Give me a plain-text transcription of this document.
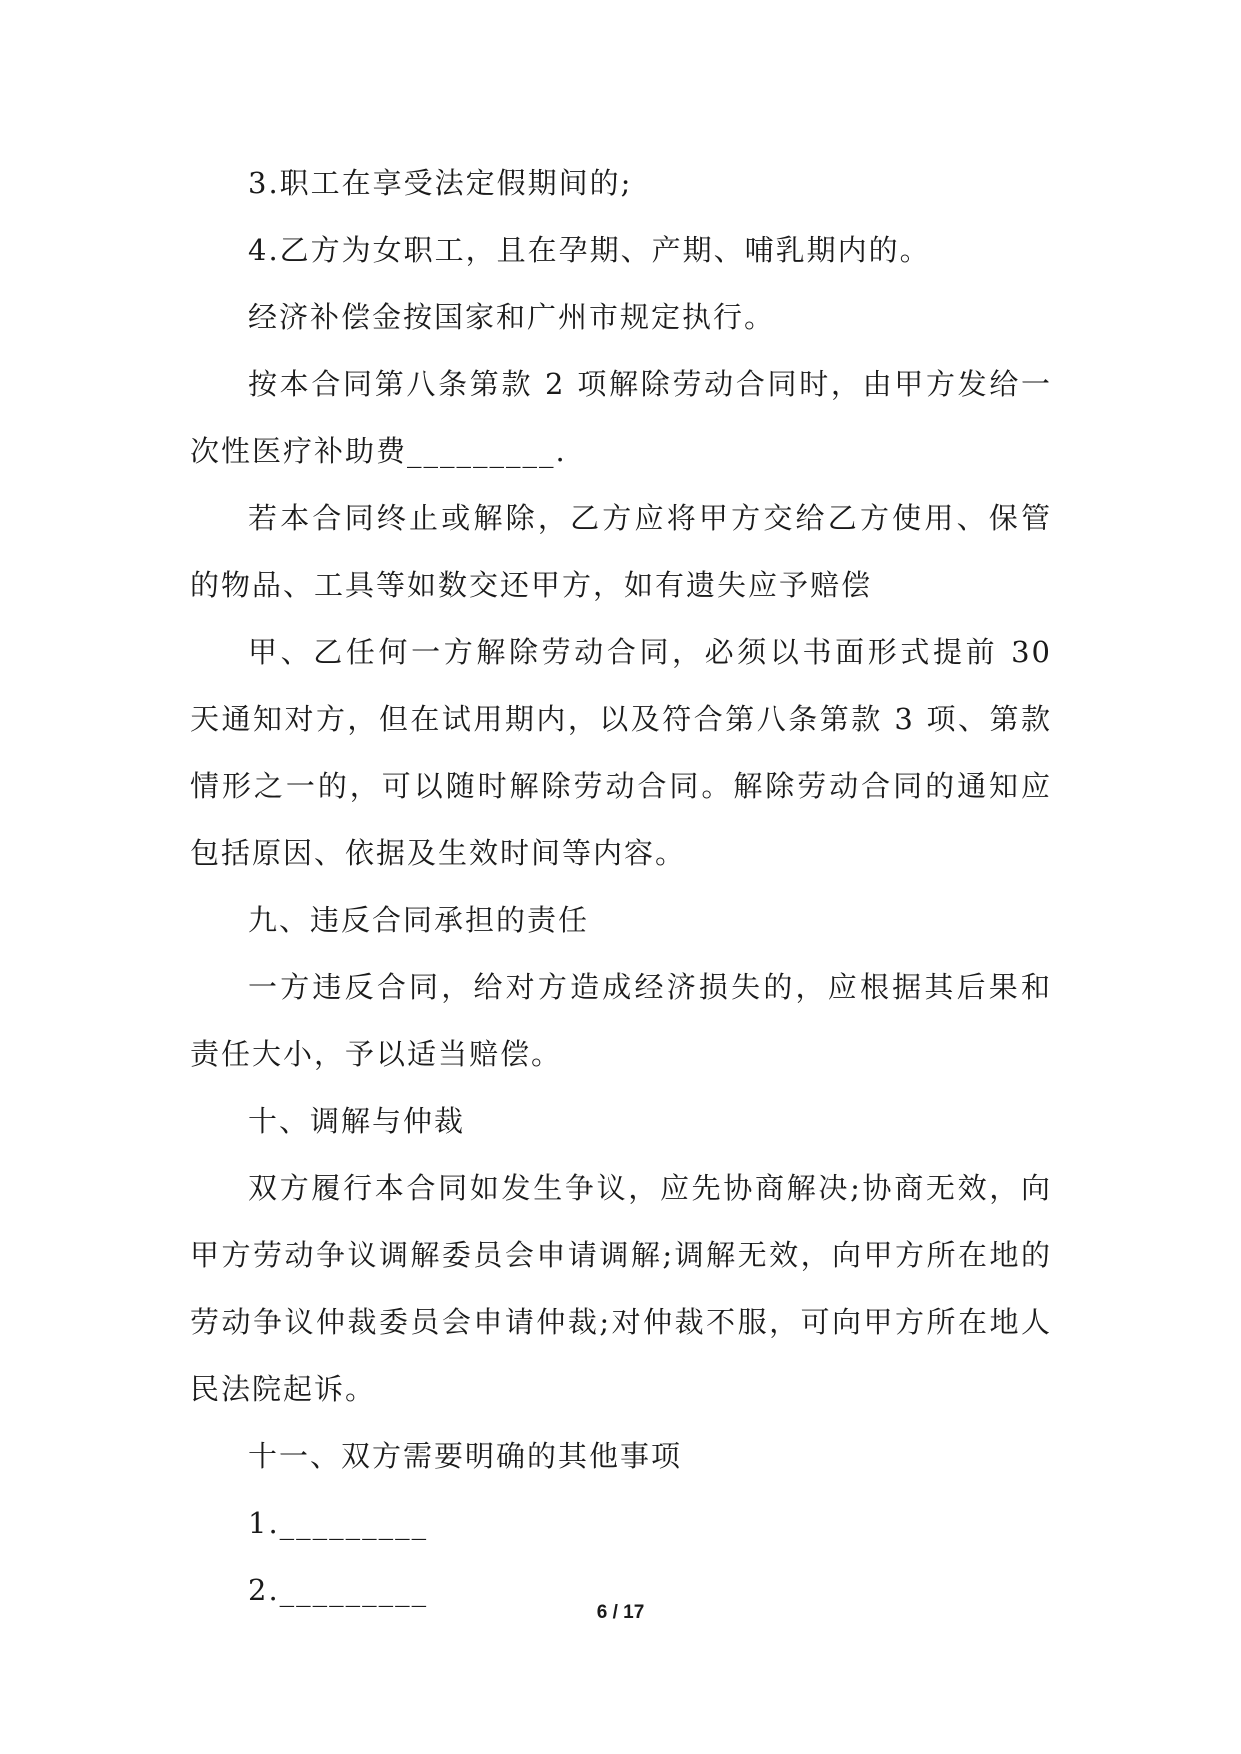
3.职工在享受法定假期间的;

4.乙方为女职工，且在孕期、产期、哺乳期内的。

经济补偿金按国家和广州市规定执行。

按本合同第八条第款 2 项解除劳动合同时，由甲方发给一次性医疗补助费_________.

若本合同终止或解除，乙方应将甲方交给乙方使用、保管的物品、工具等如数交还甲方，如有遗失应予赔偿

甲、乙任何一方解除劳动合同，必须以书面形式提前 30 天通知对方，但在试用期内，以及符合第八条第款 3 项、第款情形之一的，可以随时解除劳动合同。解除劳动合同的通知应包括原因、依据及生效时间等内容。

九、违反合同承担的责任

一方违反合同，给对方造成经济损失的，应根据其后果和责任大小，予以适当赔偿。

十、调解与仲裁

双方履行本合同如发生争议，应先协商解决;协商无效，向甲方劳动争议调解委员会申请调解;调解无效，向甲方所在地的劳动争议仲裁委员会申请仲裁;对仲裁不服，可向甲方所在地人民法院起诉。

十一、双方需要明确的其他事项

1._________

2._________

6 / 17
